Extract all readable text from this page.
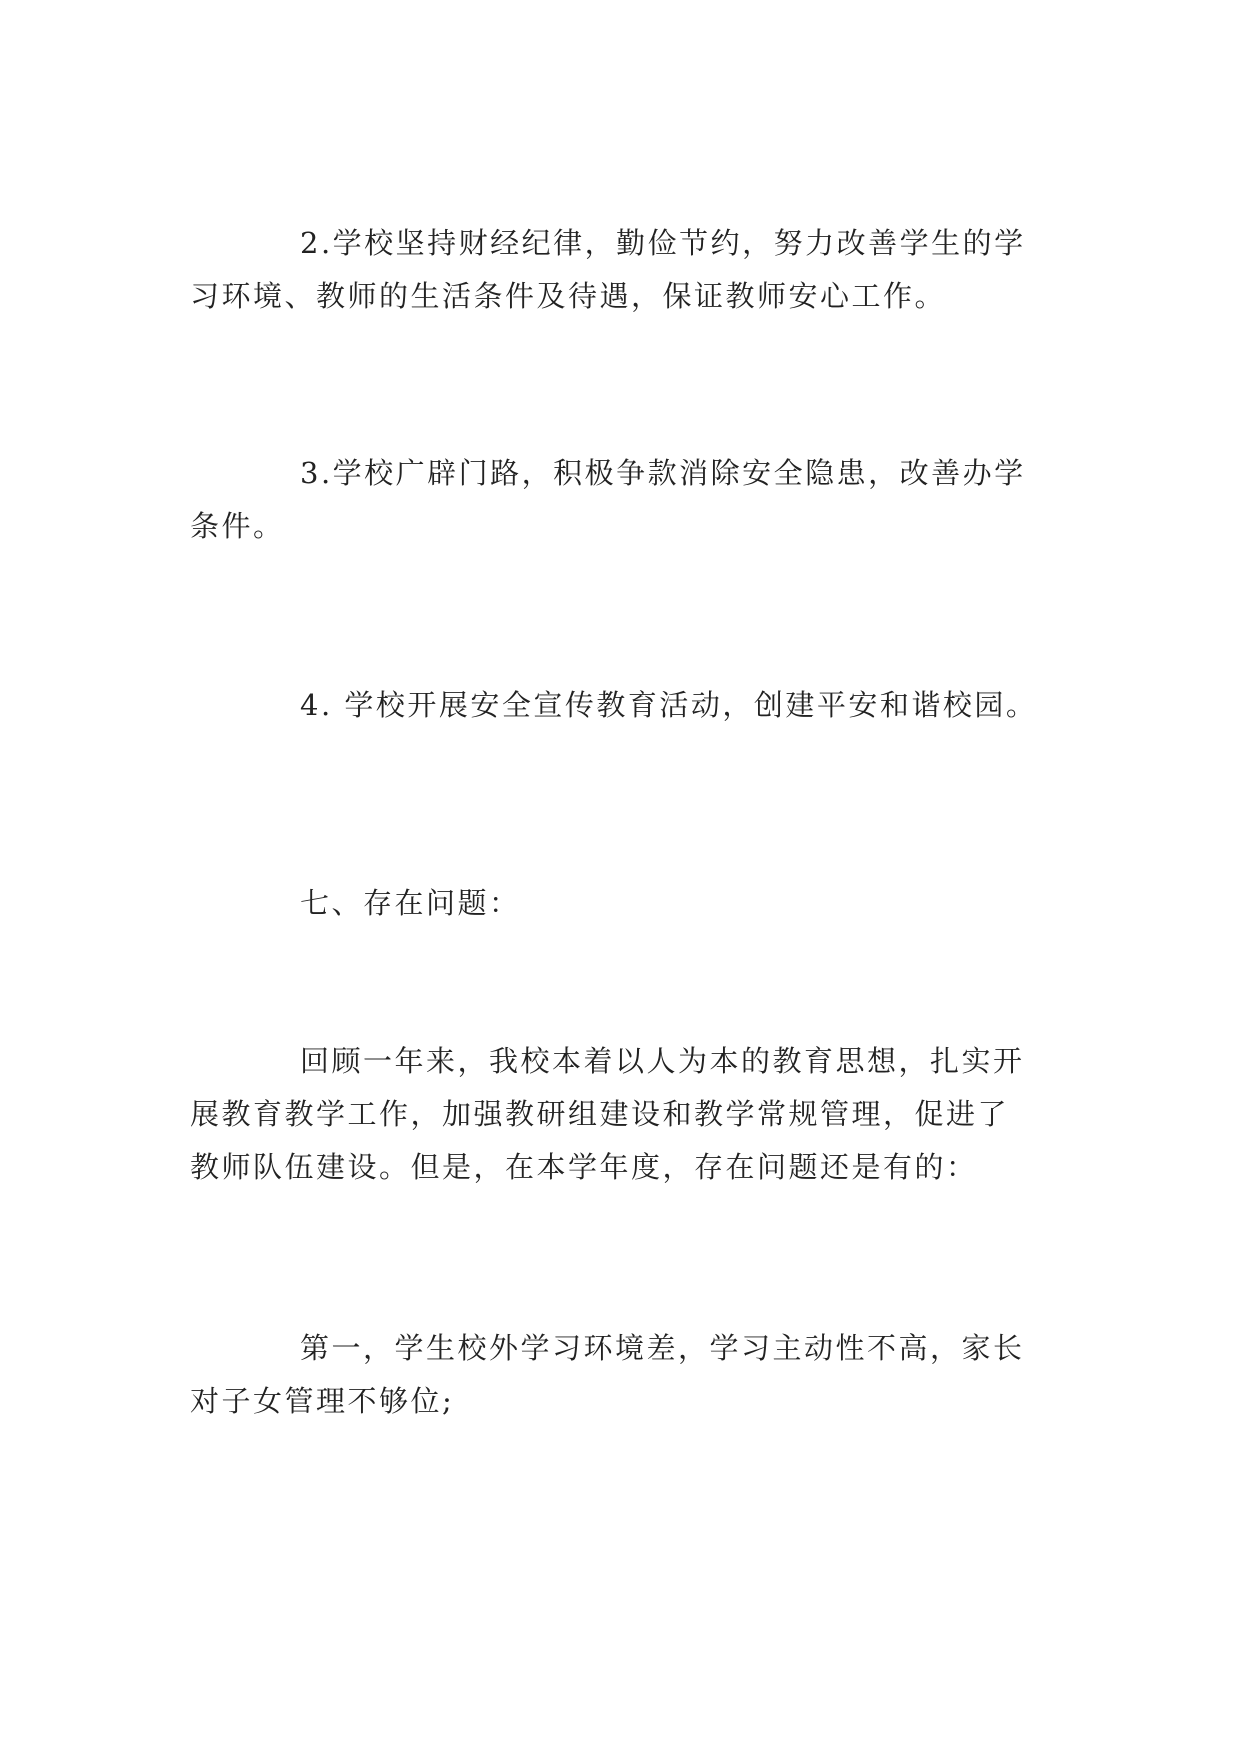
2.学校坚持财经纪律，勤俭节约，努力改善学生的学
习环境、教师的生活条件及待遇，保证教师安心工作。
3.学校广辟门路，积极争款消除安全隐患，改善办学
条件。
4. 学校开展安全宣传教育活动，创建平安和谐校园。
七、存在问题：
回顾一年来，我校本着以人为本的教育思想，扎实开
展教育教学工作，加强教研组建设和教学常规管理，促进了
教师队伍建设。但是，在本学年度，存在问题还是有的：
第一，学生校外学习环境差，学习主动性不高，家长
对子女管理不够位;
